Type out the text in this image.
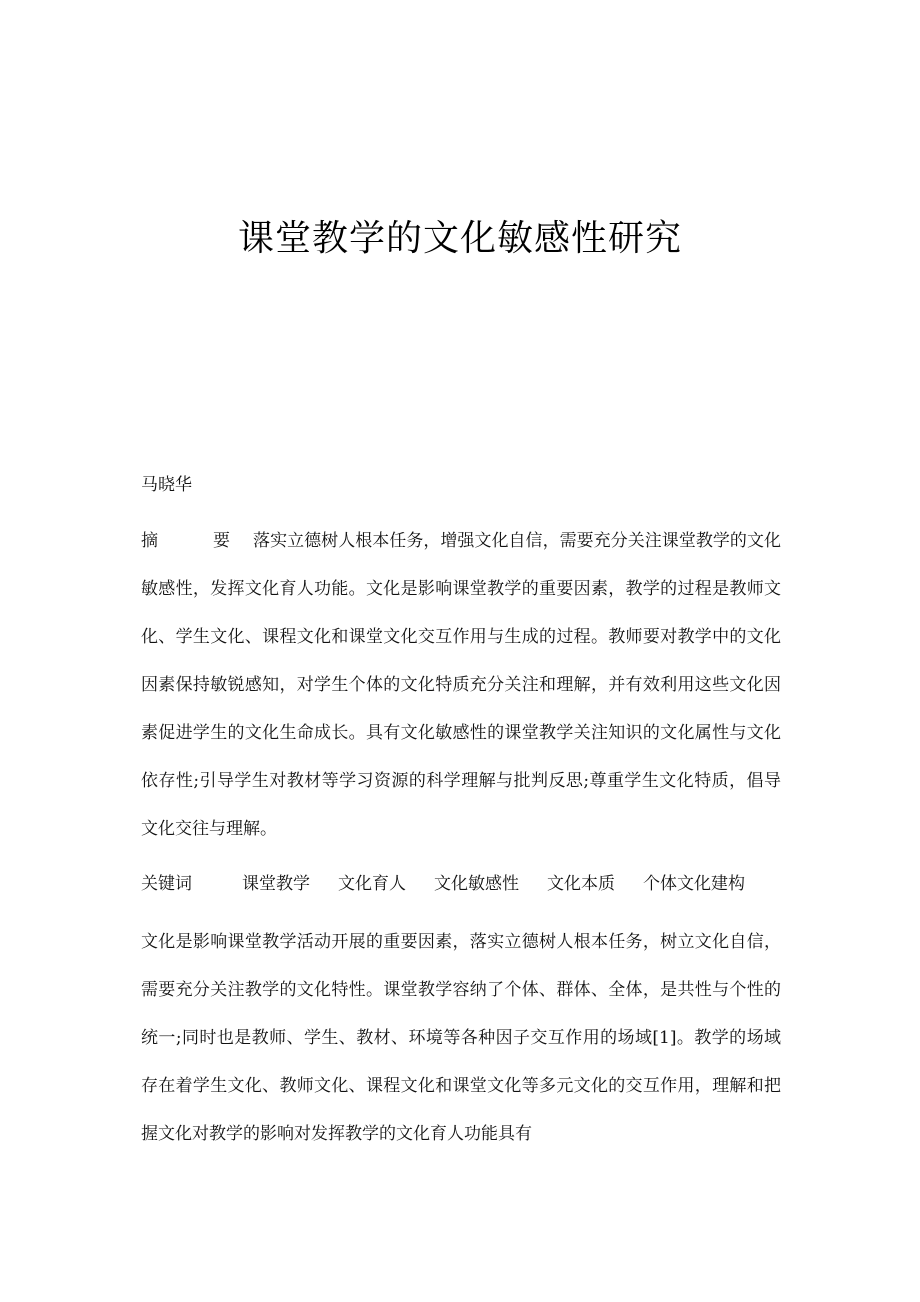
课堂教学的文化敏感性研究

马晓华

摘	要 落实立德树人根本任务，增强文化自信，需要充分关注课堂教学的文化敏感性，发挥文化育人功能。文化是影响课堂教学的重要因素，教学的过程是教师文化、学生文化、课程文化和课堂文化交互作用与生成的过程。教师要对教学中的文化因素保持敏锐感知，对学生个体的文化特质充分关注和理解，并有效利用这些文化因素促进学生的文化生命成长。具有文化敏感性的课堂教学关注知识的文化属性与文化依存性;引导学生对教材等学习资源的科学理解与批判反思;尊重学生文化特质，倡导文化交往与理解。

关键词	课堂教学 文化育人 文化敏感性 文化本质 个体文化建构

文化是影响课堂教学活动开展的重要因素，落实立德树人根本任务，树立文化自信，需要充分关注教学的文化特性。课堂教学容纳了个体、群体、全体，是共性与个性的统一;同时也是教师、学生、教材、环境等各种因子交互作用的场域[1]。教学的场域存在着学生文化、教师文化、课程文化和课堂文化等多元文化的交互作用，理解和把握文化对教学的影响对发挥教学的文化育人功能具有
